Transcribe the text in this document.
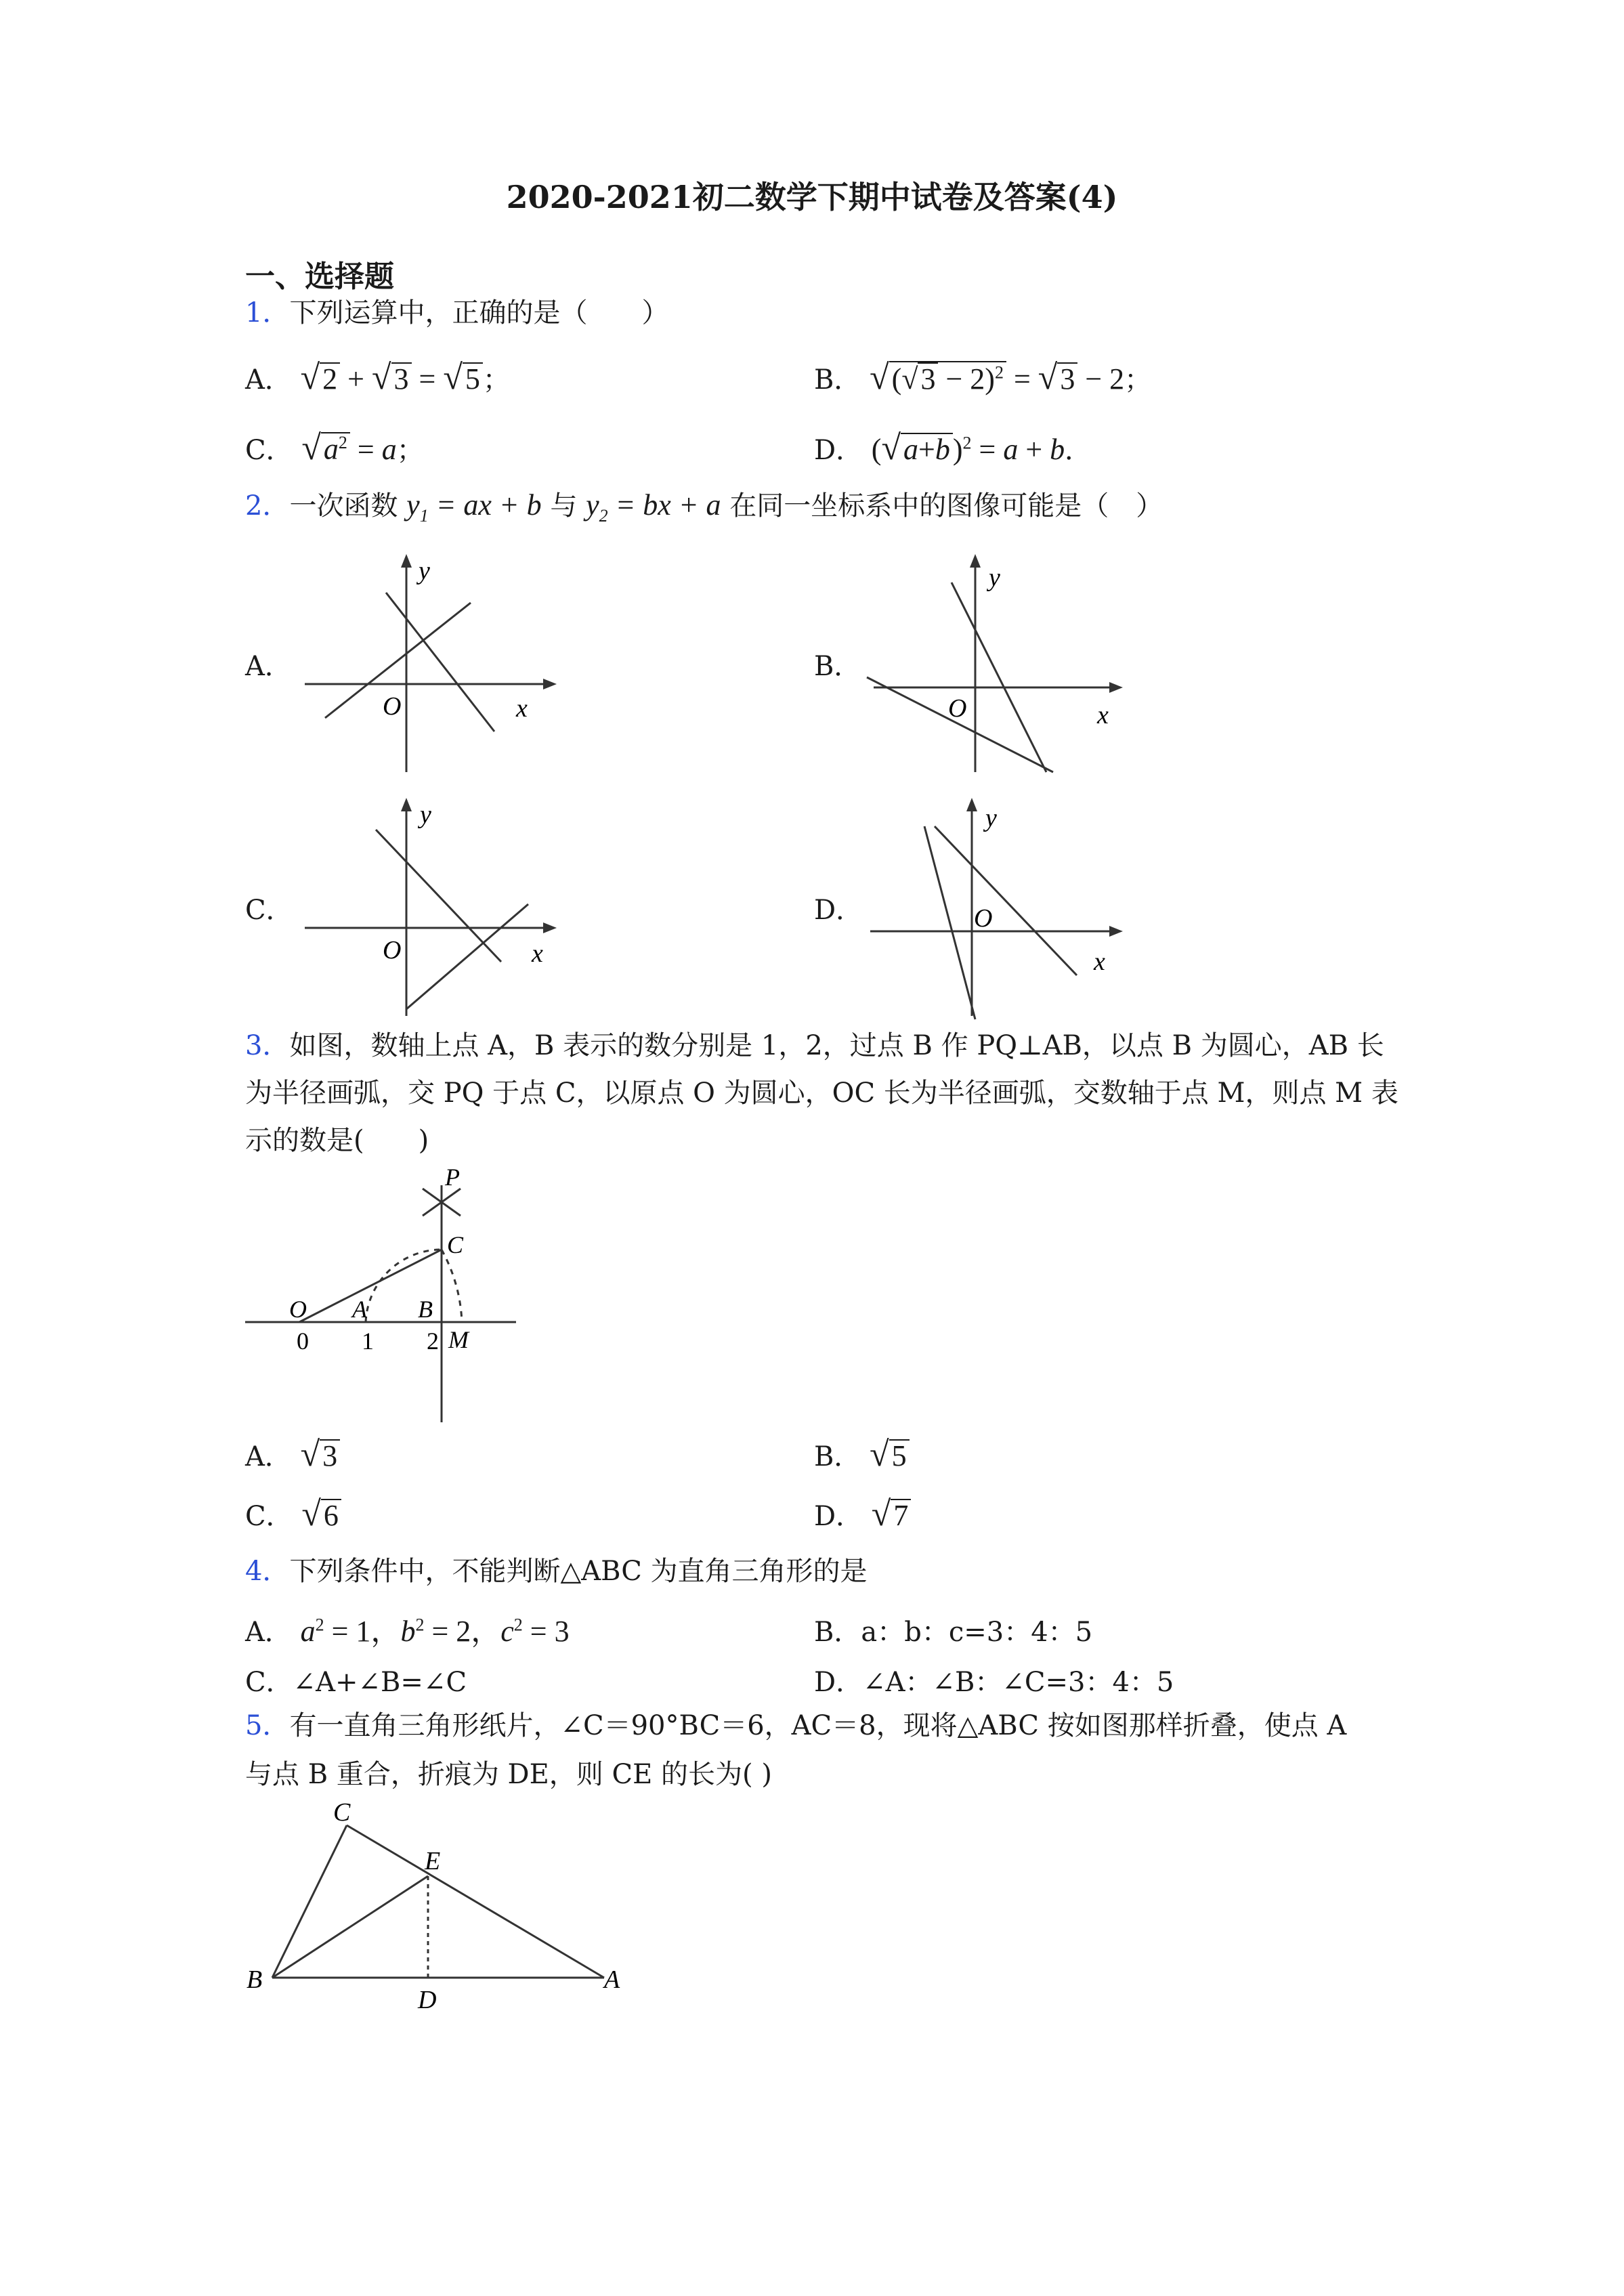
2020-2021初二数学下期中试卷及答案(4)
一、选择题
1．下列运算中，正确的是（　　）
A． √2 + √3 = √5 ；	B． $√(√3 - 2)^2 = √3 - 2$；
C． $√a^2 = a$；	D． $(√a+b)^2 = a + b$．
2．一次函数 $y_1$ = ax + b 与 $y_2$ = bx + a 在同一坐标系中的图像可能是（　）
A．	B．
C．	D．
y
x
O
y
x
O
y
x
O
y
x
O
3．如图，数轴上点 A，B 表示的数分别是 1，2，过点 B 作 PQ⊥AB，以点 B 为圆心，AB 长
为半径画弧，交 PQ 于点 C，以原点 O 为圆心，OC 长为半径画弧，交数轴于点 M，则点 M 表
示的数是(　　)
P
C
O A B
M
0 1 2
A． √3	B． √5
C． √6	D． √7
4．下列条件中，不能判断△ABC 为直角三角形的是
A． $a^2 = 1$，$b^2 = 2$，$c^2 = 3$	B．a：b：c=3：4：5
C．∠A+∠B=∠C	D．∠A：∠B：∠C=3：4：5
5．有一直角三角形纸片，∠C＝90°BC＝6，AC＝8，现将△ABC 按如图那样折叠，使点 A
与点 B 重合，折痕为 DE，则 CE 的长为( )
C
E
B
D
A
